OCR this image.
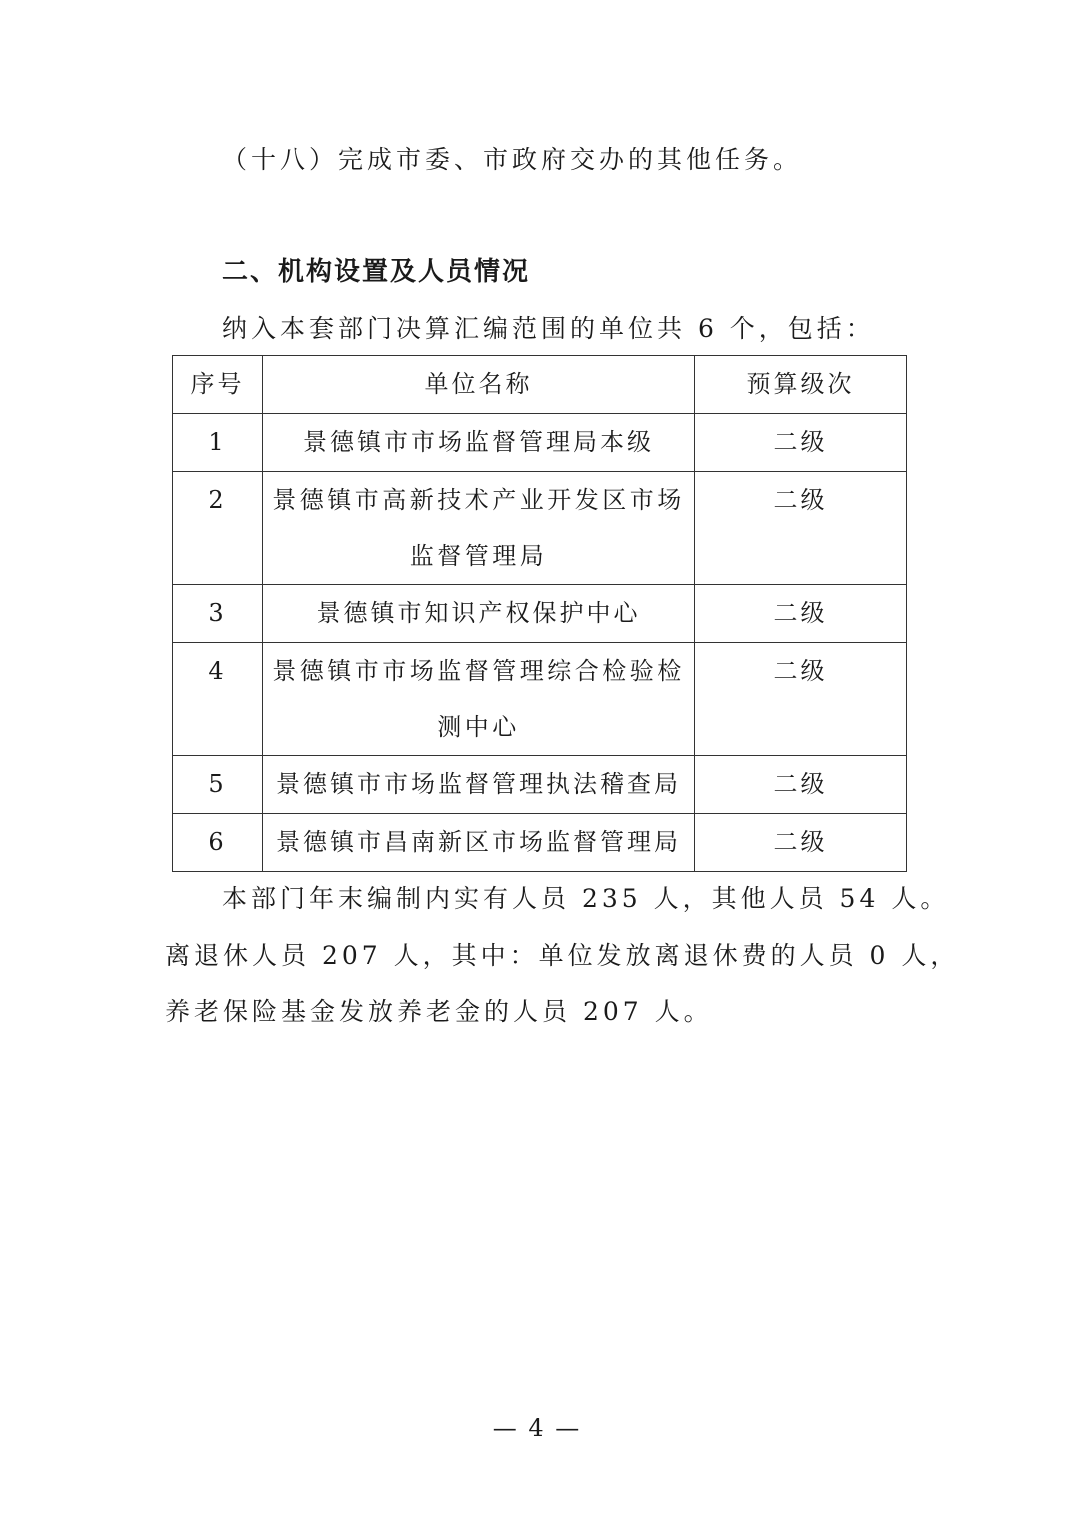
（十八）完成市委、市政府交办的其他任务。
二、机构设置及人员情况
纳入本套部门决算汇编范围的单位共 6 个，包括：
序号	单位名称	预算级次

1	景德镇市市场监督管理局本级	二级

2	景德镇市高新技术产业开发区市场监督管理局	二级

3	景德镇市知识产权保护中心	二级

4	景德镇市市场监督管理综合检验检测中心	二级

5	景德镇市市场监督管理执法稽查局	二级

6	景德镇市昌南新区市场监督管理局	二级
本部门年末编制内实有人员 235 人，其他人员 54 人。
离退休人员 207 人，其中：单位发放离退休费的人员 0 人，
养老保险基金发放养老金的人员 207 人。
— 4 —
